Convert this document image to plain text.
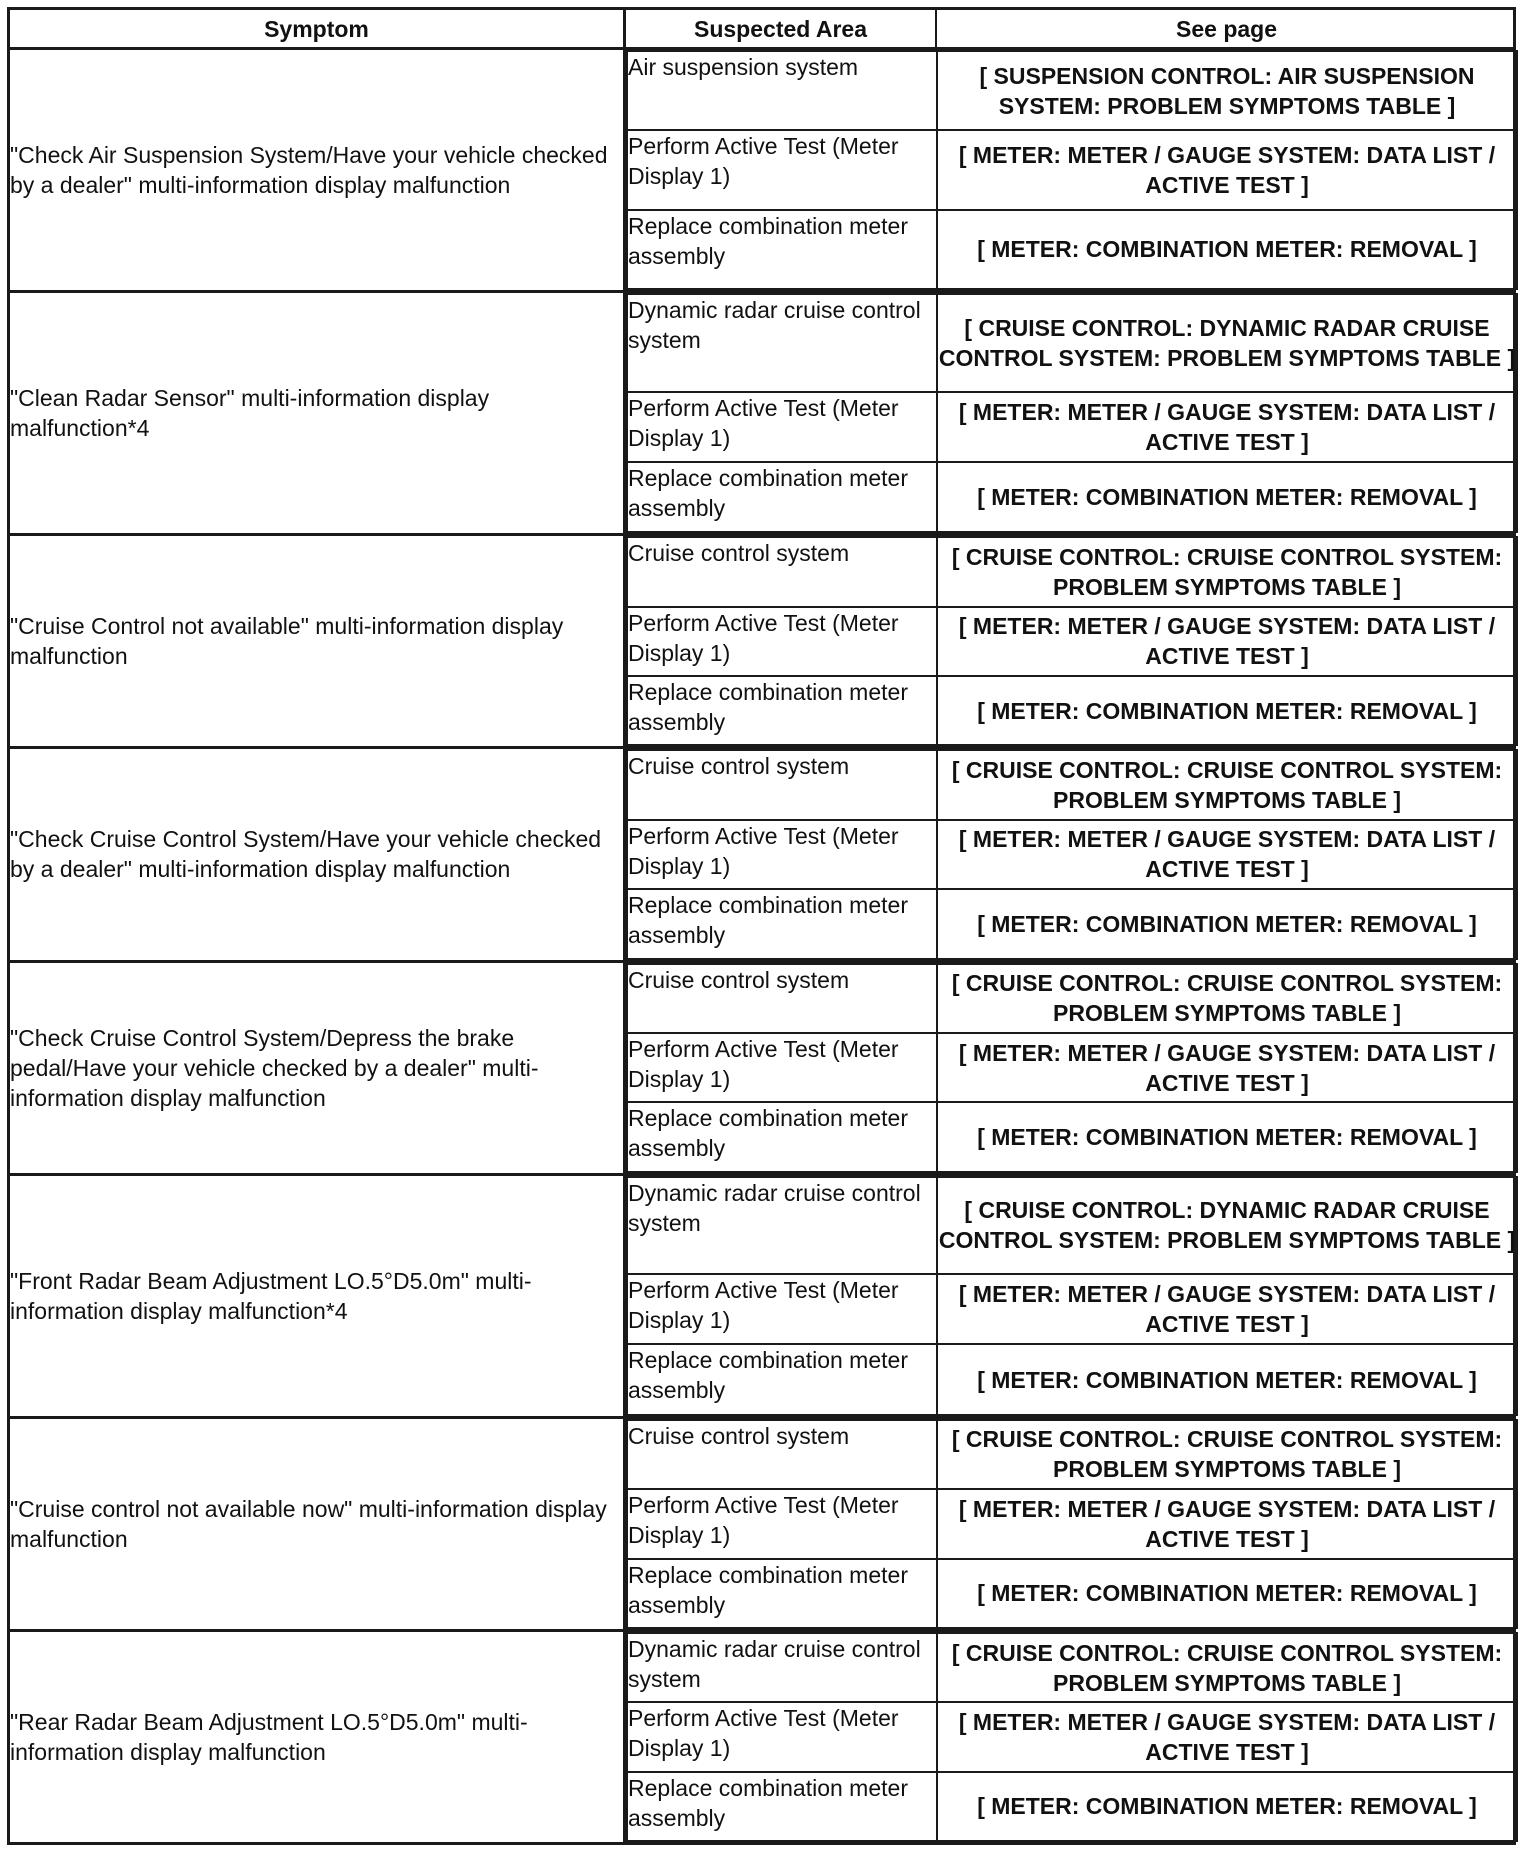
Symptom		Suspected Area	See page

"Check Air Suspension System/Have your vehicle checked by a dealer" multi-information display malfunction	
Air suspension system	[ SUSPENSION CONTROL: AIR SUSPENSION SYSTEM: PROBLEM SYMPTOMS TABLE ]
Perform Active Test (Meter Display 1)	[ METER: METER / GAUGE SYSTEM: DATA LIST / ACTIVE TEST ]
Replace combination meter assembly	[ METER: COMBINATION METER: REMOVAL ]

"Clean Radar Sensor" multi-information display malfunction*4	
Dynamic radar cruise control system	[ CRUISE CONTROL: DYNAMIC RADAR CRUISE CONTROL SYSTEM: PROBLEM SYMPTOMS TABLE ]
Perform Active Test (Meter Display 1)	[ METER: METER / GAUGE SYSTEM: DATA LIST / ACTIVE TEST ]
Replace combination meter assembly	[ METER: COMBINATION METER: REMOVAL ]

"Cruise Control not available" multi-information display malfunction	
Cruise control system	[ CRUISE CONTROL: CRUISE CONTROL SYSTEM: PROBLEM SYMPTOMS TABLE ]
Perform Active Test (Meter Display 1)	[ METER: METER / GAUGE SYSTEM: DATA LIST / ACTIVE TEST ]
Replace combination meter assembly	[ METER: COMBINATION METER: REMOVAL ]

"Check Cruise Control System/Have your vehicle checked by a dealer" multi-information display malfunction	
Cruise control system	[ CRUISE CONTROL: CRUISE CONTROL SYSTEM: PROBLEM SYMPTOMS TABLE ]
Perform Active Test (Meter Display 1)	[ METER: METER / GAUGE SYSTEM: DATA LIST / ACTIVE TEST ]
Replace combination meter assembly	[ METER: COMBINATION METER: REMOVAL ]

"Check Cruise Control System/Depress the brake pedal/Have your vehicle checked by a dealer" multi-information display malfunction	
Cruise control system	[ CRUISE CONTROL: CRUISE CONTROL SYSTEM: PROBLEM SYMPTOMS TABLE ]
Perform Active Test (Meter Display 1)	[ METER: METER / GAUGE SYSTEM: DATA LIST / ACTIVE TEST ]
Replace combination meter assembly	[ METER: COMBINATION METER: REMOVAL ]

"Front Radar Beam Adjustment LO.5°D5.0m" multi-information display malfunction*4	
Dynamic radar cruise control system	[ CRUISE CONTROL: DYNAMIC RADAR CRUISE CONTROL SYSTEM: PROBLEM SYMPTOMS TABLE ]
Perform Active Test (Meter Display 1)	[ METER: METER / GAUGE SYSTEM: DATA LIST / ACTIVE TEST ]
Replace combination meter assembly	[ METER: COMBINATION METER: REMOVAL ]

"Cruise control not available now" multi-information display malfunction	
Cruise control system	[ CRUISE CONTROL: CRUISE CONTROL SYSTEM: PROBLEM SYMPTOMS TABLE ]
Perform Active Test (Meter Display 1)	[ METER: METER / GAUGE SYSTEM: DATA LIST / ACTIVE TEST ]
Replace combination meter assembly	[ METER: COMBINATION METER: REMOVAL ]

"Rear Radar Beam Adjustment LO.5°D5.0m" multi-information display malfunction	
Dynamic radar cruise control system	[ CRUISE CONTROL: CRUISE CONTROL SYSTEM: PROBLEM SYMPTOMS TABLE ]
Perform Active Test (Meter Display 1)	[ METER: METER / GAUGE SYSTEM: DATA LIST / ACTIVE TEST ]
Replace combination meter assembly	[ METER: COMBINATION METER: REMOVAL ]
